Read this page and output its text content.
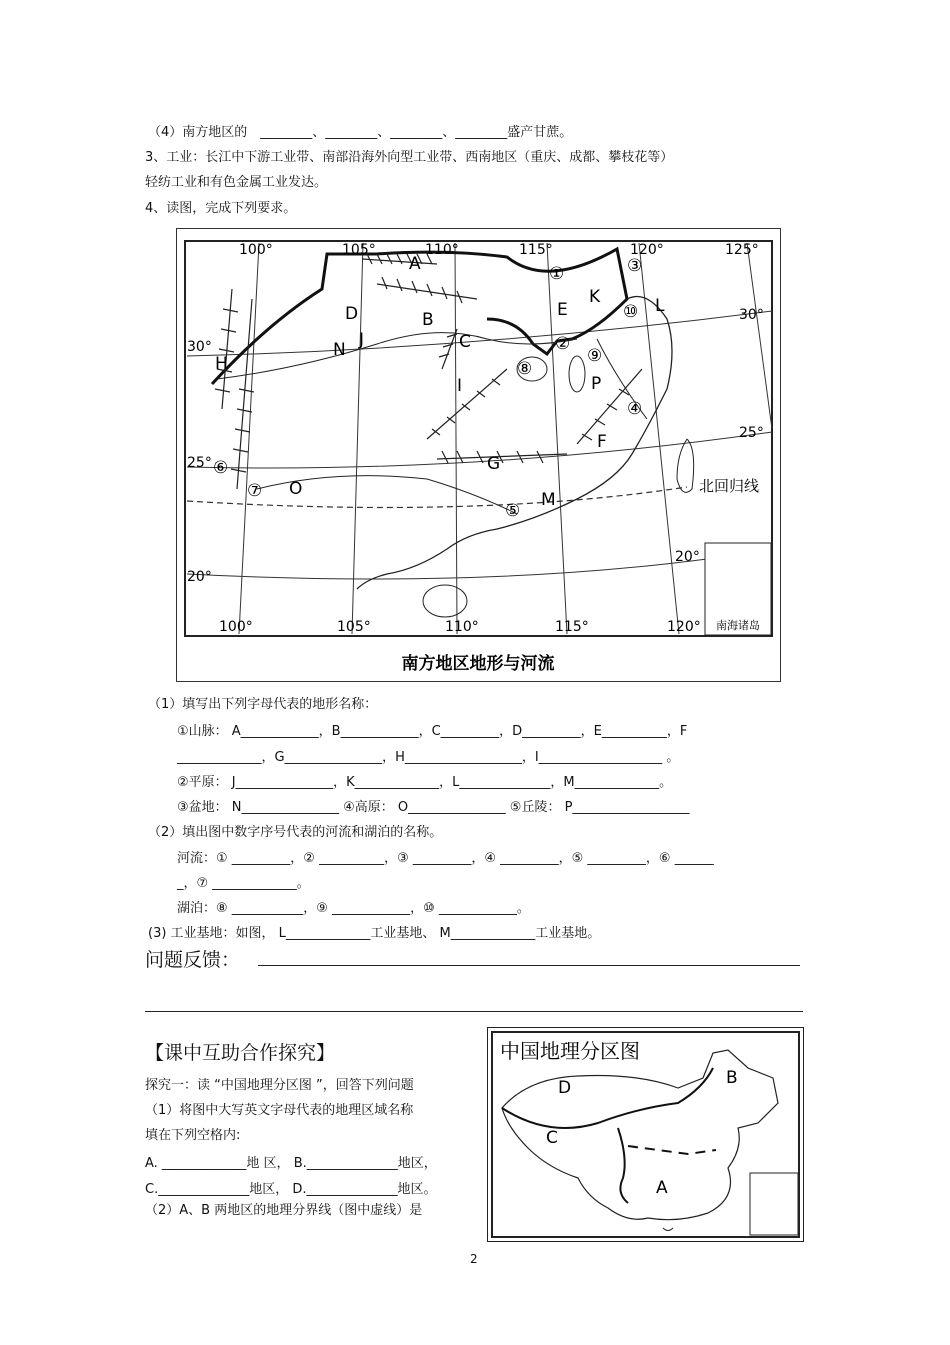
（4）南方地区的　________、________、________、________盛产甘蔗。
3、工业：长江中下游工业带、南部沿海外向型工业带、西南地区（重庆、成都、攀枝花等）
轻纺工业和有色金属工业发达。
4、读图，完成下列要求。
南海诸岛
100°	105°	110°	115°	120°	125°
100°	105°	110°	115°	120°
30°
25°
20°
30°
25°
20°
北回归线
A
B
C
D	E
F
G
H
I
J
K	L
M
N
O
P
①
②
③
④
⑤
⑥
⑦
⑧
⑨
⑩
南方地区地形与河流
（1）填写出下列字母代表的地形名称：
①山脉： A____________，B____________，C_________，D_________，E__________，F
_____________，G_______________，H__________________，I___________________ 。
②平原： J_______________，K_____________，L______________，M_____________。
③盆地： N_______________ ④高原： O_______________ ⑤丘陵： P__________________
（2）填出图中数字序号代表的河流和湖泊的名称。
河流：① _________，② __________，③ _________，④ _________，⑤ _________，⑥ ______
_，⑦ _____________。
湖泊：⑧ ___________，⑨ ____________，⑩ ____________。
(3) 工业基地：如图， L_____________工业基地、 M_____________工业基地。
问题反馈：
【课中互助合作探究】
探究一：读 “中国地理分区图 ”，回答下列问题
（1）将图中大写英文字母代表的地理区域名称
填在下列空格内:
A. _____________地 区， B.______________地区，
C.______________地区， D.______________地区。
（2）A、B 两地区的地理分界线（图中虚线）是
中国地理分区图
D	B
C
A
2
